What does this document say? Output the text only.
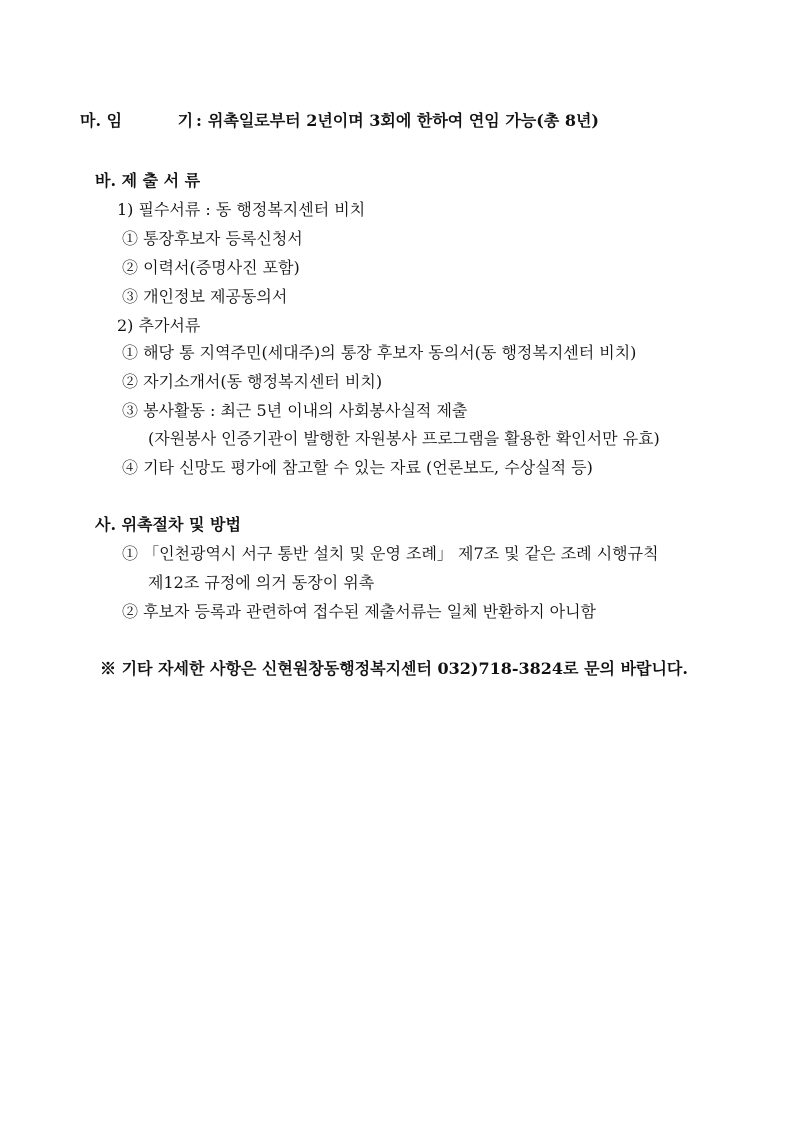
마. 임	기 : 위촉일로부터 2년이며 3회에 한하여 연임 가능(총 8년)
바. 제 출 서 류
1) 필수서류 : 동 행정복지센터 비치
① 통장후보자 등록신청서
② 이력서(증명사진 포함)
③ 개인정보 제공동의서
2) 추가서류
① 해당 통 지역주민(세대주)의 통장 후보자 동의서(동 행정복지센터 비치)
② 자기소개서(동 행정복지센터 비치)
③ 봉사활동 : 최근 5년 이내의 사회봉사실적 제출
(자원봉사 인증기관이 발행한 자원봉사 프로그램을 활용한 확인서만 유효)
④ 기타 신망도 평가에 참고할 수 있는 자료 (언론보도, 수상실적 등)
사. 위촉절차 및 방법
① 「인천광역시 서구 통반 설치 및 운영 조례」 제7조 및 같은 조례 시행규칙
제12조 규정에 의거 동장이 위촉
② 후보자 등록과 관련하여 접수된 제출서류는 일체 반환하지 아니함
※ 기타 자세한 사항은 신현원창동행정복지센터 032)718-3824로 문의 바랍니다.
